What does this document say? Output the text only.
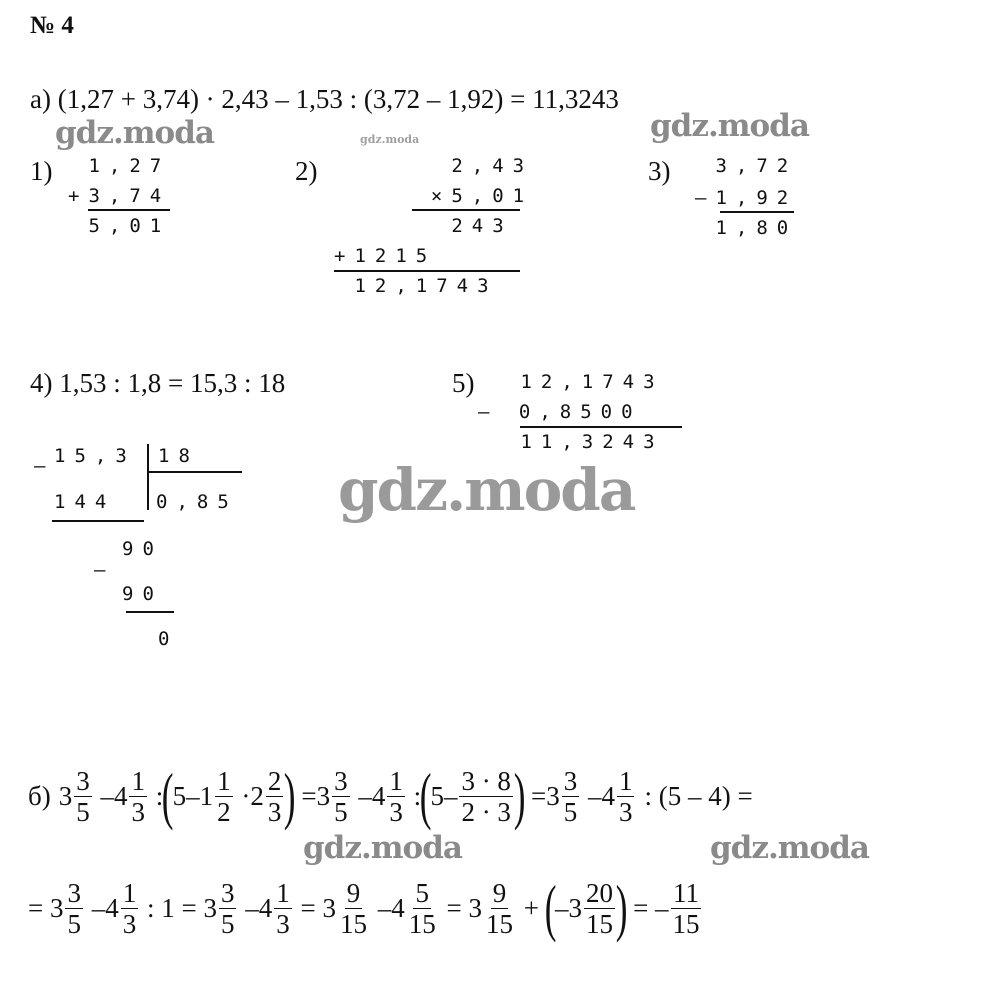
№ 4
а) (1,27 + 3,74) · 2,43 – 1,53 : (3,72 – 1,92) = 11,3243
gdz.moda	gdz.moda	gdz.moda
gdz.moda
gdz.moda	gdz.moda
1) 1,27
+3,74
5,01
2)	2,43
×5,01
243
+1215
12,1743
3) 3,72
–1,92
1,80
4) 1,53 : 1,8 = 15,3 : 18
– 15,3 18
144 0,85
90
–
90
0
5) 12,1743
– 0,8500
11,3243
б) $3 \frac{3}{5} - 4 \frac{1}{3}$ :
(
$5 - 1 \frac{1}{2} \cdot 2 \frac{2}{3}$ )
= $3 \frac{3}{5} - 4 \frac{1}{3}$ :
(
$5 - \frac{3 \cdot 8}{2 \cdot 3}$ )
= $3 \frac{3}{5} - 4 \frac{1}{3}$ : (5 – 4) =
= $3 \frac{3}{5} - 4 \frac{1}{3}$ : $1 = 3 \frac{3}{5} - 4 \frac{1}{3} = 3 \frac{9}{15} - 4 \frac{5}{15} = 3 \frac{9}{15}$ +
(
$-3 \frac{20}{15}$ )
= – $\frac{11}{15}$
